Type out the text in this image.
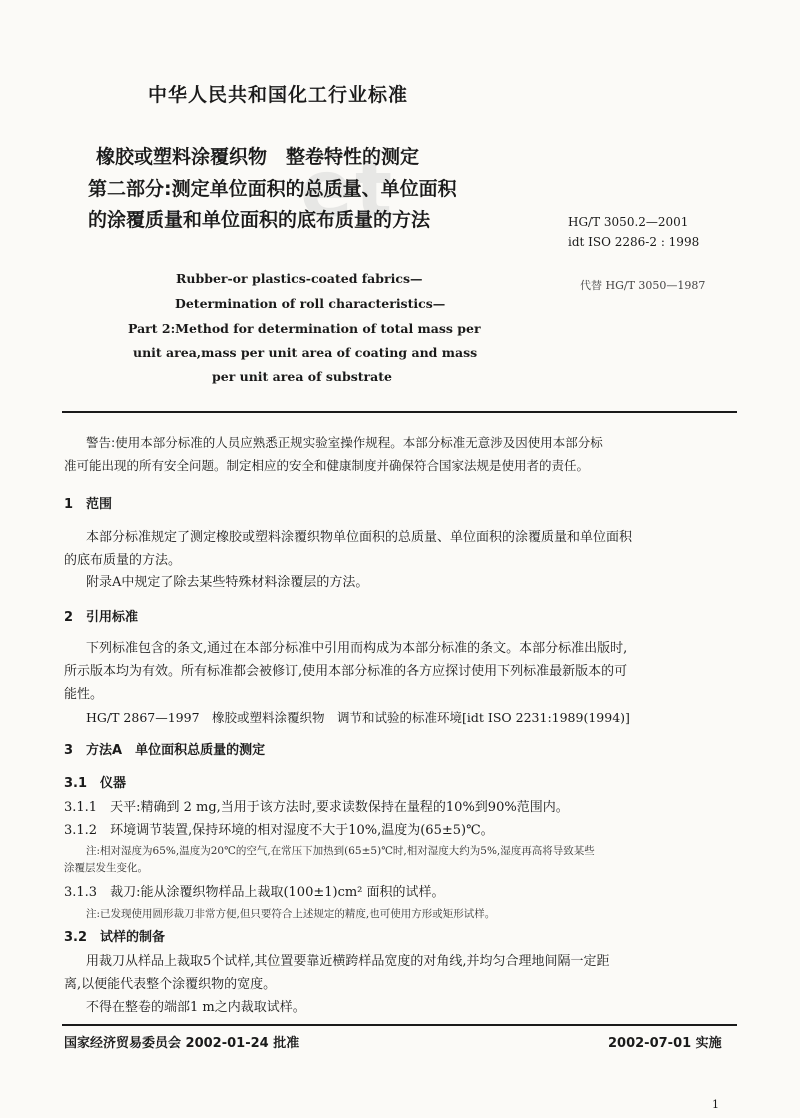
et
中华人民共和国化工行业标准
橡胶或塑料涂覆织物　整卷特性的测定
第二部分:测定单位面积的总质量、单位面积
的涂覆质量和单位面积的底布质量的方法	HG/T 3050.2—2001
idt ISO 2286-2 : 1998
代替 HG/T 3050—1987
Rubber-or plastics-coated fabrics—
Determination of roll characteristics—
Part 2:Method for determination of total mass per
unit area,mass per unit area of coating and mass
per unit area of substrate
警告:使用本部分标准的人员应熟悉正规实验室操作规程。本部分标准无意涉及因使用本部分标
准可能出现的所有安全问题。制定相应的安全和健康制度并确保符合国家法规是使用者的责任。
1　范围
本部分标准规定了测定橡胶或塑料涂覆织物单位面积的总质量、单位面积的涂覆质量和单位面积
的底布质量的方法。
附录A中规定了除去某些特殊材料涂覆层的方法。
2　引用标准
下列标准包含的条文,通过在本部分标准中引用而构成为本部分标准的条文。本部分标准出版时,
所示版本均为有效。所有标准都会被修订,使用本部分标准的各方应探讨使用下列标准最新版本的可
能性。
HG/T 2867—1997　橡胶或塑料涂覆织物　调节和试验的标准环境[idt ISO 2231:1989(1994)]
3　方法A　单位面积总质量的测定
3.1　仪器
3.1.1　天平:精确到 2 mg,当用于该方法时,要求读数保持在量程的10%到90%范围内。
3.1.2　环境调节装置,保持环境的相对湿度不大于10%,温度为(65±5)℃。
注:相对湿度为65%,温度为20℃的空气,在常压下加热到(65±5)℃时,相对湿度大约为5%,湿度再高将导致某些
涂覆层发生变化。
3.1.3　裁刀:能从涂覆织物样品上裁取(100±1)cm² 面积的试样。
注:已发现使用圆形裁刀非常方便,但只要符合上述规定的精度,也可使用方形或矩形试样。
3.2　试样的制备
用裁刀从样品上裁取5个试样,其位置要靠近横跨样品宽度的对角线,并均匀合理地间隔一定距
离,以便能代表整个涂覆织物的宽度。
不得在整卷的端部1 m之内裁取试样。
国家经济贸易委员会 2002-01-24 批准	2002-07-01 实施
1
